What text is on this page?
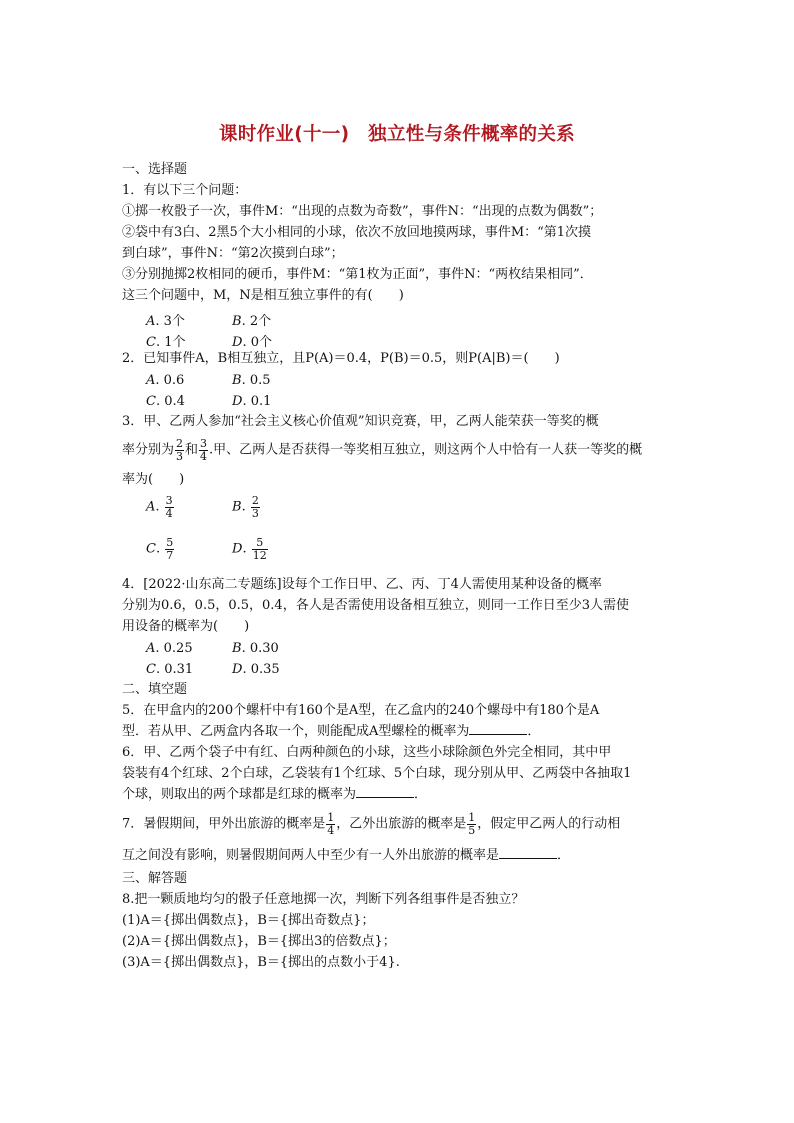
课时作业(十一)　独立性与条件概率的关系
一、选择题
1．有以下三个问题：
①掷一枚骰子一次，事件M：“出现的点数为奇数”，事件N：“出现的点数为偶数”；
②袋中有3白、2黑5个大小相同的小球，依次不放回地摸两球，事件M：“第1次摸
到白球”，事件N：“第2次摸到白球”；
③分别抛掷2枚相同的硬币，事件M：“第1枚为正面”，事件N：“两枚结果相同”．
这三个问题中，M，N是相互独立事件的有(　　)
A. 3个	B. 2个
C. 1个	D. 0个
2．已知事件A，B相互独立，且P(A)＝0.4，P(B)＝0.5，则P(A|B)＝(　　)
A. 0.6	B. 0.5
C. 0.4	D. 0.1
3．甲、乙两人参加“社会主义核心价值观”知识竞赛，甲，乙两人能荣获一等奖的概
率分别为 $\frac{2}{3}$ 和 $\frac{3}{4}$ .甲、乙两人是否获得一等奖相互独立，则这两个人中恰有一人获一等奖的概
率为(　　)
A. $\frac{3}{4}$	B. $\frac{2}{3}$
C. $\frac{5}{7}$	D. $\frac{5}{12}$
4．[2022·山东高二专题练]设每个工作日甲、乙、丙、丁4人需使用某种设备的概率
分别为0.6，0.5，0.5，0.4，各人是否需使用设备相互独立，则同一工作日至少3人需使
用设备的概率为(　　)
A. 0.25	B. 0.30
C. 0.31	D. 0.35
二、填空题
5．在甲盒内的200个螺杆中有160个是A型，在乙盒内的240个螺母中有180个是A
型．若从甲、乙两盒内各取一个，则能配成A型螺栓的概率为	．
6．甲、乙两个袋子中有红、白两种颜色的小球，这些小球除颜色外完全相同，其中甲
袋装有4个红球、2个白球，乙袋装有1个红球、5个白球，现分别从甲、乙两袋中各抽取1
个球，则取出的两个球都是红球的概率为	．
7．暑假期间，甲外出旅游的概率是 $\frac{1}{4}$ ，乙外出旅游的概率是 $\frac{1}{5}$ ，假定甲乙两人的行动相
互之间没有影响，则暑假期间两人中至少有一人外出旅游的概率是	．
三、解答题
8.把一颗质地均匀的骰子任意地掷一次，判断下列各组事件是否独立？
(1)A＝{掷出偶数点}，B＝{掷出奇数点}；
(2)A＝{掷出偶数点}，B＝{掷出3的倍数点}；
(3)A＝{掷出偶数点}，B＝{掷出的点数小于4}.
